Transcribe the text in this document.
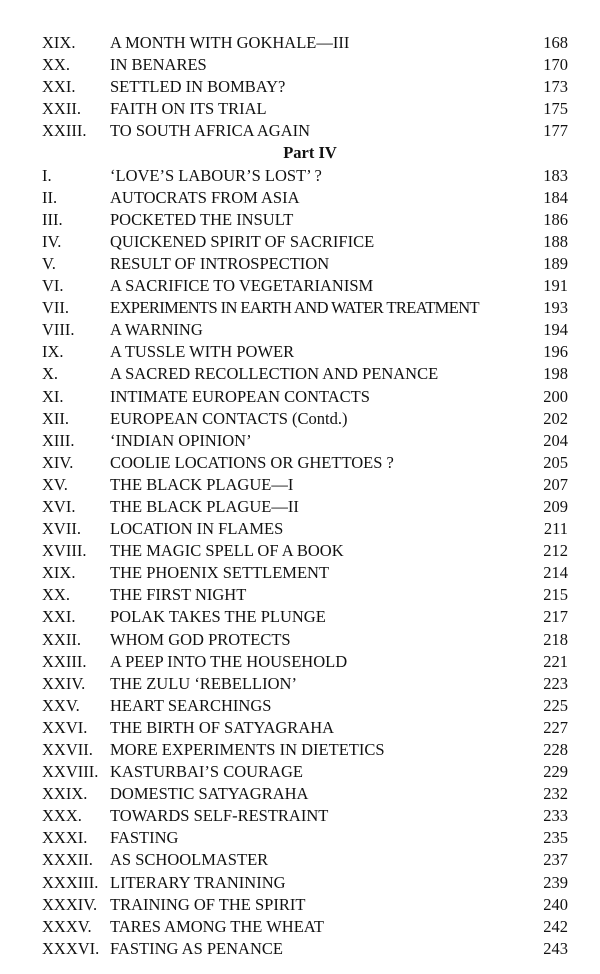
XIX. A MONTH WITH GOKHALE—III	168
XX. IN BENARES	170
XXI. SETTLED IN BOMBAY?	173
XXII. FAITH ON ITS TRIAL	175
XXIII. TO SOUTH AFRICA AGAIN	177
Part IV
I.	‘LOVE’S LABOUR’S LOST’ ?	183
II.	AUTOCRATS FROM ASIA	184
III.	POCKETED THE INSULT	186
IV.	QUICKENED SPIRIT OF SACRIFICE	188
V.	RESULT OF INTROSPECTION	189
VI.	A SACRIFICE TO VEGETARIANISM	191
VII. EXPERIMENTS IN EARTH AND WATER TREATMENT	193
VIII. A WARNING	194
IX.	A TUSSLE WITH POWER	196
X.	A SACRED RECOLLECTION AND PENANCE	198
XI.	INTIMATE EUROPEAN CONTACTS	200
XII. EUROPEAN CONTACTS (Contd.)	202
XIII. ‘INDIAN OPINION’	204
XIV. COOLIE LOCATIONS OR GHETTOES ?	205
XV.	THE BLACK PLAGUE—I	207
XVI. THE BLACK PLAGUE—II	209
XVII. LOCATION IN FLAMES	211
XVIII. THE MAGIC SPELL OF A BOOK	212
XIX. THE PHOENIX SETTLEMENT	214
XX. THE FIRST NIGHT	215
XXI. POLAK TAKES THE PLUNGE	217
XXII. WHOM GOD PROTECTS	218
XXIII. A PEEP INTO THE HOUSEHOLD	221
XXIV. THE ZULU ‘REBELLION’	223
XXV. HEART SEARCHINGS	225
XXVI. THE BIRTH OF SATYAGRAHA	227
XXVII. MORE EXPERIMENTS IN DIETETICS	228
XXVIII. KASTURBAI’S COURAGE	229
XXIX. DOMESTIC SATYAGRAHA	232
XXX. TOWARDS SELF-RESTRAINT	233
XXXI. FASTING	235
XXXII. AS SCHOOLMASTER	237
XXXIII. LITERARY TRANINING	239
XXXIV. TRAINING OF THE SPIRIT	240
XXXV. TARES AMONG THE WHEAT	242
XXXVI. FASTING AS PENANCE	243
